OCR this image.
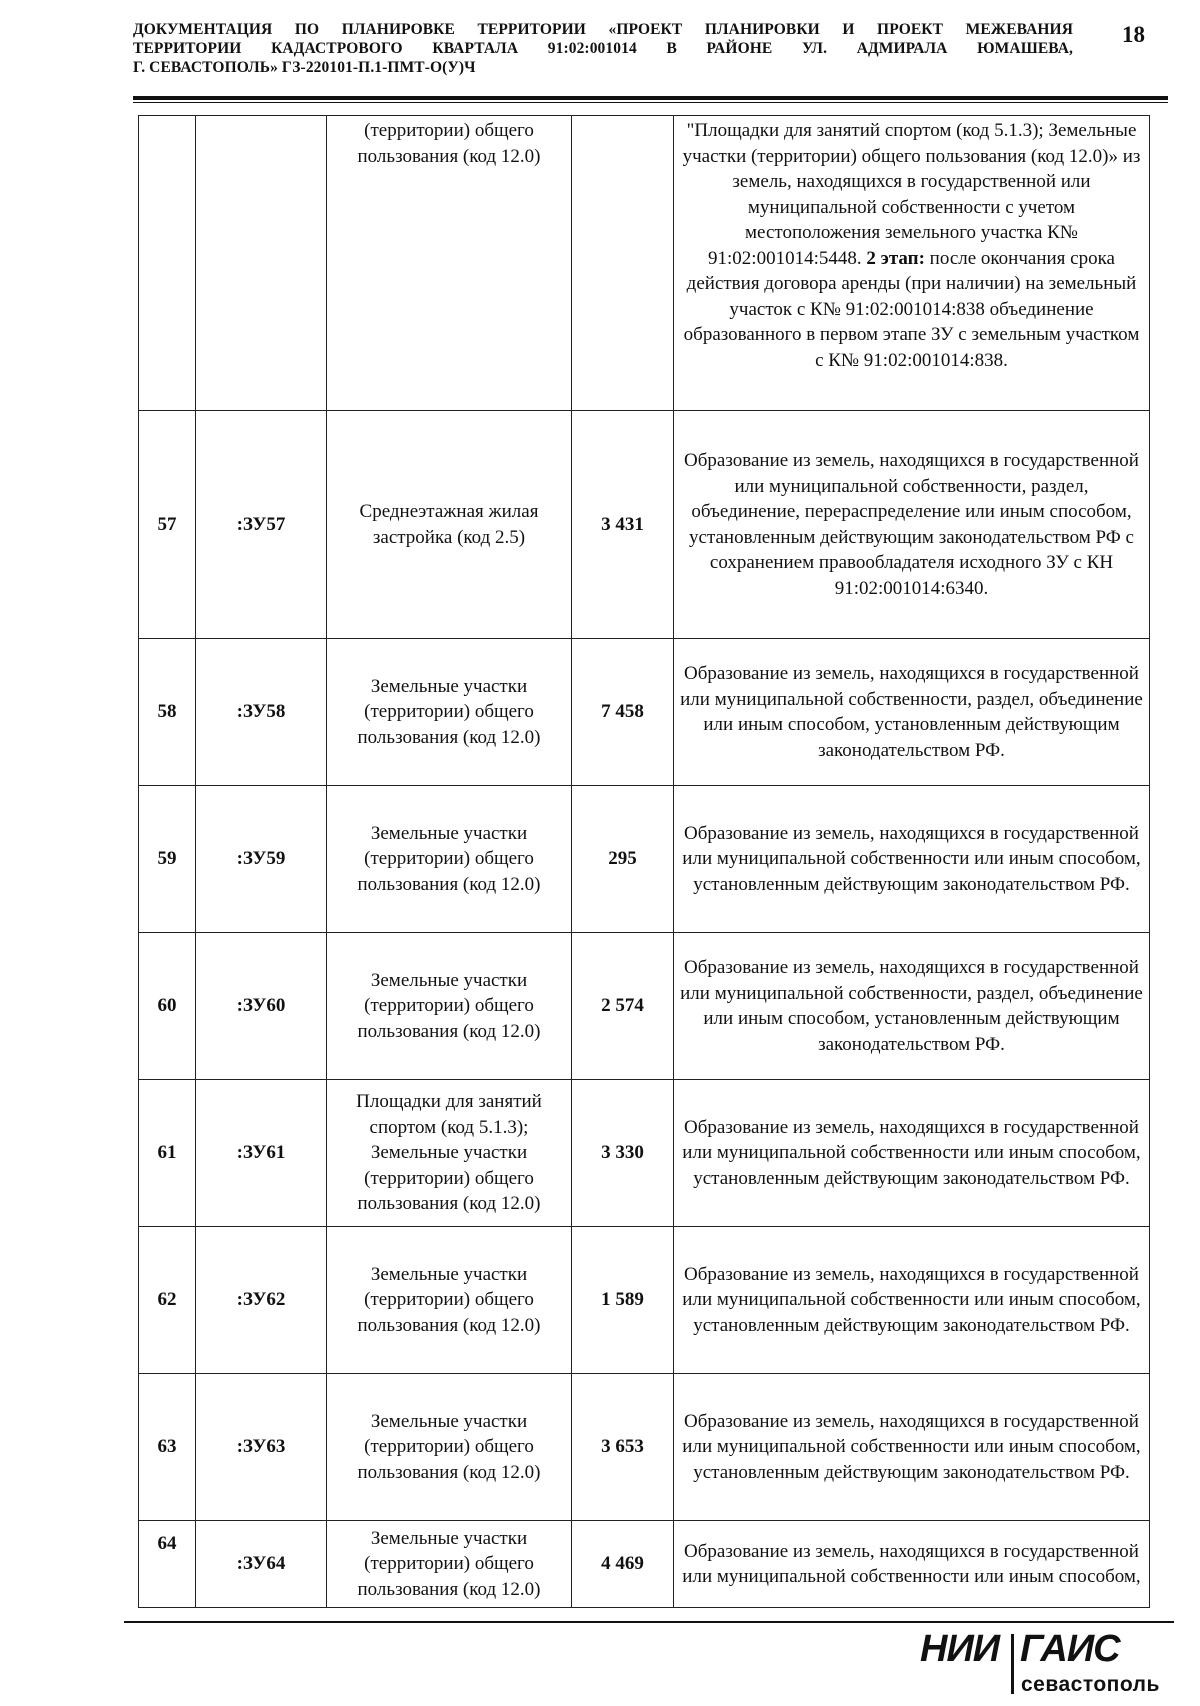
ДОКУМЕНТАЦИЯ ПО ПЛАНИРОВКЕ ТЕРРИТОРИИ «ПРОЕКТ ПЛАНИРОВКИ И ПРОЕКТ МЕЖЕВАНИЯ
ТЕРРИТОРИИ КАДАСТРОВОГО КВАРТАЛА 91:02:001014 В РАЙОНЕ УЛ. АДМИРАЛА ЮМАШЕВА,
Г. СЕВАСТОПОЛЬ» ГЗ-220101-П.1-ПМТ-О(У)Ч
18
		(территории) общего пользования (код 12.0)		"Площадки для занятий спортом (код 5.1.3); Земельные участки (территории) общего пользования (код 12.0)» из земель, находящихся в государственной или муниципальной собственности с учетом местоположения земельного участка К№ 91:02:001014:5448. 2 этап: после окончания срока действия договора аренды (при наличии) на земельный участок с К№ 91:02:001014:838 объединение образованного в первом этапе ЗУ с земельным участком с К№ 91:02:001014:838.
57	:ЗУ57	Среднеэтажная жилая застройка (код 2.5)	3 431	Образование из земель, находящихся в государственной или муниципальной собственности, раздел, объединение, перераспределение или иным способом, установленным действующим законодательством РФ с сохранением правообладателя исходного ЗУ с КН 91:02:001014:6340.
58	:ЗУ58	Земельные участки (территории) общего пользования (код 12.0)	7 458	Образование из земель, находящихся в государственной или муниципальной собственности, раздел, объединение или иным способом, установленным действующим законодательством РФ.
59	:ЗУ59	Земельные участки (территории) общего пользования (код 12.0)	295	Образование из земель, находящихся в государственной или муниципальной собственности или иным способом, установленным действующим законодательством РФ.
60	:ЗУ60	Земельные участки (территории) общего пользования (код 12.0)	2 574	Образование из земель, находящихся в государственной или муниципальной собственности, раздел, объединение или иным способом, установленным действующим законодательством РФ.
61	:ЗУ61	Площадки для занятий спортом (код 5.1.3); Земельные участки (территории) общего пользования (код 12.0)	3 330	Образование из земель, находящихся в государственной или муниципальной собственности или иным способом, установленным действующим законодательством РФ.
62	:ЗУ62	Земельные участки (территории) общего пользования (код 12.0)	1 589	Образование из земель, находящихся в государственной или муниципальной собственности или иным способом, установленным действующим законодательством РФ.
63	:ЗУ63	Земельные участки (территории) общего пользования (код 12.0)	3 653	Образование из земель, находящихся в государственной или муниципальной собственности или иным способом, установленным действующим законодательством РФ.
64	:ЗУ64	Земельные участки (территории) общего пользования (код 12.0)	4 469	Образование из земель, находящихся в государственной или муниципальной собственности или иным способом,
НИИ ГАИС
севастополь
